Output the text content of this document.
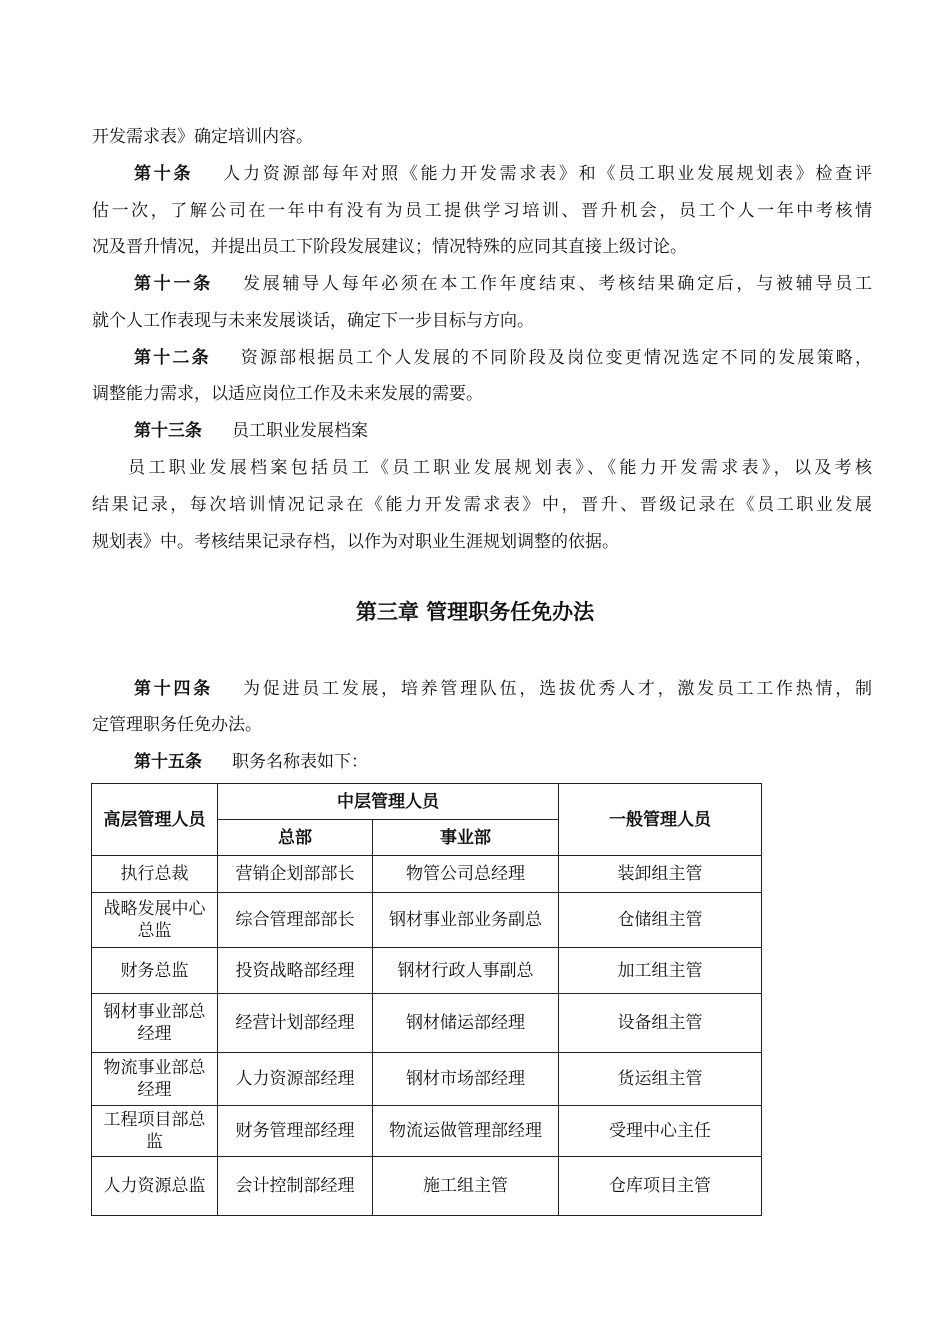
开发需求表》确定培训内容。
第十条 人力资源部每年对照《能力开发需求表》和《员工职业发展规划表》检查评
估一次，了解公司在一年中有没有为员工提供学习培训、晋升机会，员工个人一年中考核情
况及晋升情况，并提出员工下阶段发展建议；情况特殊的应同其直接上级讨论。
第十一条 发展辅导人每年必须在本工作年度结束、考核结果确定后，与被辅导员工
就个人工作表现与未来发展谈话，确定下一步目标与方向。
第十二条 资源部根据员工个人发展的不同阶段及岗位变更情况选定不同的发展策略，
调整能力需求，以适应岗位工作及未来发展的需要。
第十三条 员工职业发展档案
员工职业发展档案包括员工《员工职业发展规划表》、《能力开发需求表》，以及考核
结果记录，每次培训情况记录在《能力开发需求表》中，晋升、晋级记录在《员工职业发展
规划表》中。考核结果记录存档，以作为对职业生涯规划调整的依据。
第三章 管理职务任免办法
第十四条 为促进员工发展，培养管理队伍，选拔优秀人才，激发员工工作热情，制
定管理职务任免办法。
第十五条 职务名称表如下：
高层管理人员	中层管理人员		一般管理人员
	总部	事业部	
执行总裁	营销企划部部长	物管公司总经理	装卸组主管
战略发展中心总监	综合管理部部长	钢材事业部业务副总	仓储组主管
财务总监	投资战略部经理	钢材行政人事副总	加工组主管
钢材事业部总经理	经营计划部经理	钢材储运部经理	设备组主管
物流事业部总经理	人力资源部经理	钢材市场部经理	货运组主管
工程项目部总监	财务管理部经理	物流运做管理部经理	受理中心主任
人力资源总监	会计控制部经理	施工组主管	仓库项目主管
